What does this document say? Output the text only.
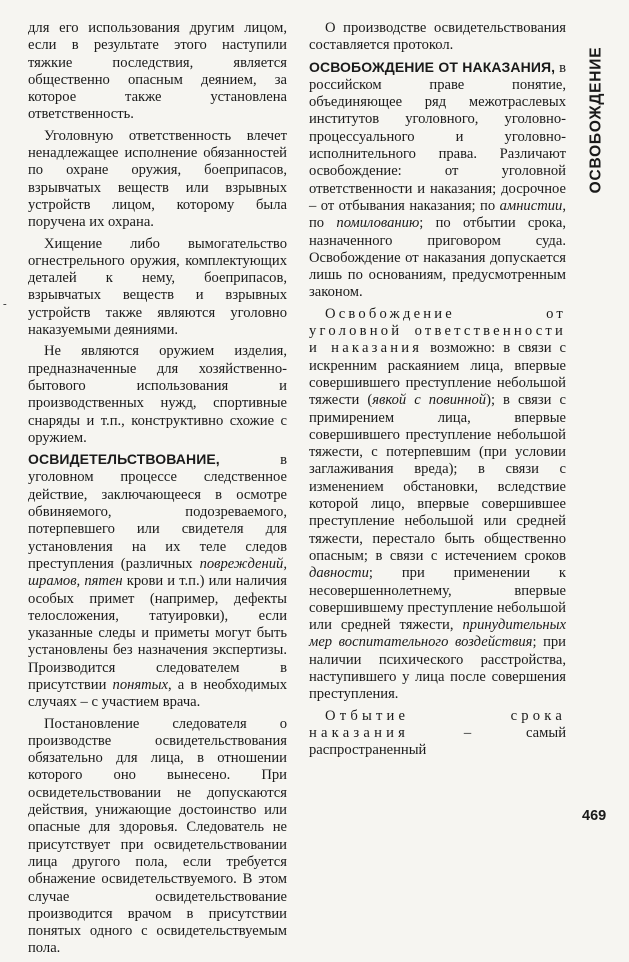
для его использования другим лицом, если в результате этого наступили тяжкие последствия, является общественно опасным деянием, за которое также установлена ответственность.

Уголовную ответственность влечет ненадлежащее исполнение обязанностей по охране оружия, боеприпасов, взрывчатых веществ или взрывных устройств лицом, которому была поручена их охрана.

Хищение либо вымогательство огнестрельного оружия, комплектующих деталей к нему, боеприпасов, взрывчатых веществ и взрывных устройств также являются уголовно наказуемыми деяниями.

Не являются оружием изделия, предназначенные для хозяйственно-бытового использования и производственных нужд, спортивные снаряды и т.п., конструктивно схожие с оружием.

ОСВИДЕТЕЛЬСТВОВАНИЕ, в уголовном процессе следственное действие, заключающееся в осмотре обвиняемого, подозреваемого, потерпевшего или свидетеля для установления на их теле следов преступления (различных повреждений, шрамов, пятен крови и т.п.) или наличия особых примет (например, дефекты телосложения, татуировки), если указанные следы и приметы могут быть установлены без назначения экспертизы. Производится следователем в присутствии понятых, а в необходимых случаях – с участием врача.

Постановление следователя о производстве освидетельствования обязательно для лица, в отношении которого оно вынесено. При освидетельствовании не допускаются действия, унижающие достоинство или опасные для здоровья. Следователь не присутствует при освидетельствовании лица другого пола, если требуется обнажение освидетельствуемого. В этом случае освидетельствование производится врачом в присутствии понятых одного с освидетельствуемым пола.

О производстве освидетельствования составляется протокол.

ОСВОБОЖДЕНИЕ ОТ НАКАЗАНИЯ, в российском праве понятие, объединяющее ряд межотраслевых институтов уголовного, уголовно-процессуального и уголовно-исполнительного права. Различают освобождение: от уголовной ответственности и наказания; досрочное – от отбывания наказания; по амнистии, по помилованию; по отбытии срока, назначенного приговором суда. Освобождение от наказания допускается лишь по основаниям, предусмотренным законом.

Освобождение от уголовной ответственности и наказания возможно: в связи с искренним раскаянием лица, впервые совершившего преступление небольшой тяжести (явкой с повинной); в связи с примирением лица, впервые совершившего преступление небольшой тяжести, с потерпевшим (при условии заглаживания вреда); в связи с изменением обстановки, вследствие которой лицо, впервые совершившее преступление небольшой или средней тяжести, перестало быть общественно опасным; в связи с истечением сроков давности; при применении к несовершеннолетнему, впервые совершившему преступление небольшой или средней тяжести, принудительных мер воспитательного воздействия; при наличии психического расстройства, наступившего у лица после совершения преступления.

Отбытие срока наказания – самый распространенный

ОСВОБОЖДЕНИЕ
469
-
